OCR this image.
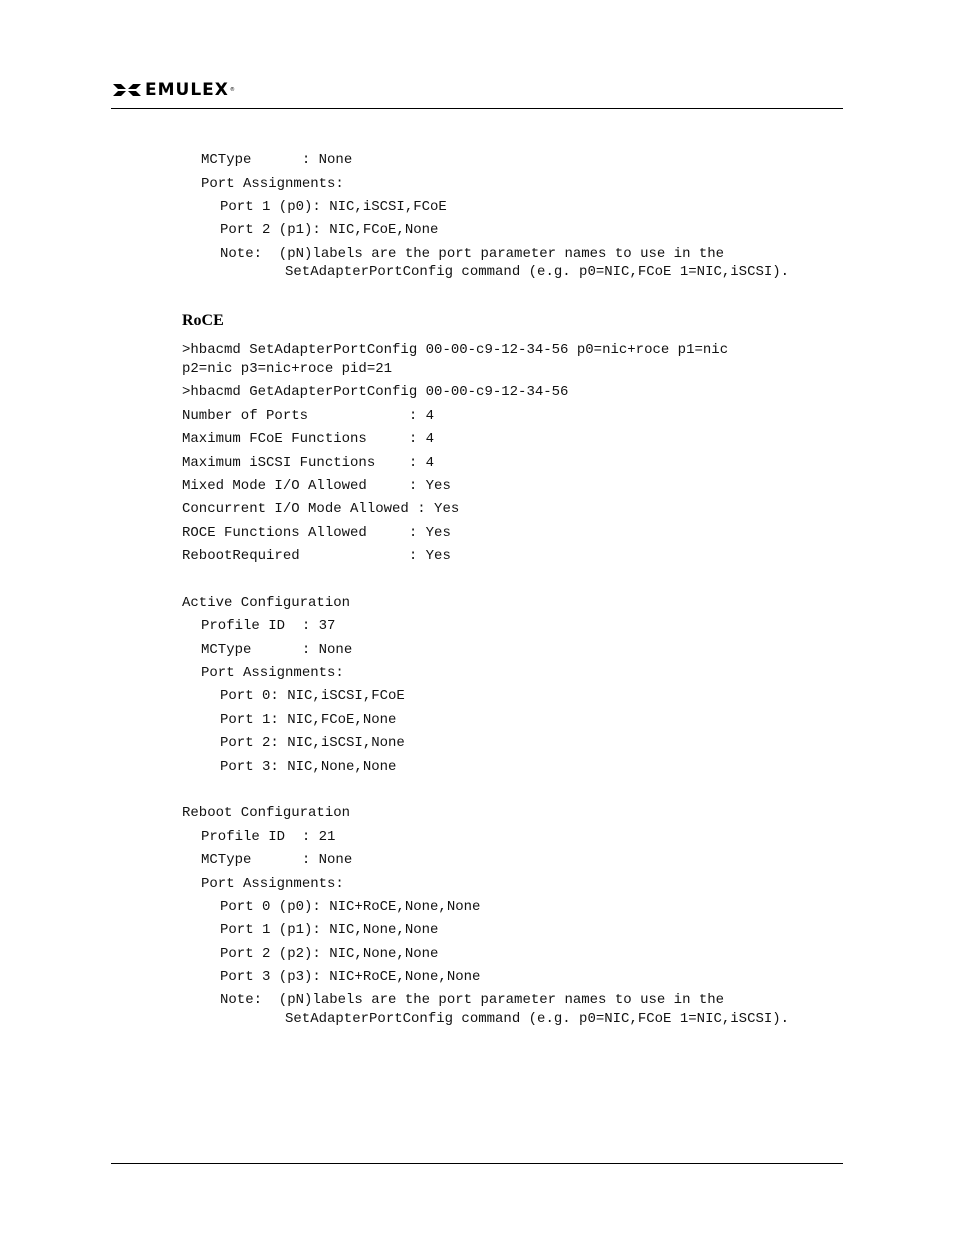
EMULEX ®
MCType      : None
Port Assignments:
Port 1 (p0): NIC,iSCSI,FCoE
Port 2 (p1): NIC,FCoE,None
Note:  (pN)labels are the port parameter names to use in the
SetAdapterPortConfig command (e.g. p0=NIC,FCoE 1=NIC,iSCSI).
RoCE
>hbacmd SetAdapterPortConfig 00-00-c9-12-34-56 p0=nic+roce p1=nic
p2=nic p3=nic+roce pid=21
>hbacmd GetAdapterPortConfig 00-00-c9-12-34-56
Number of Ports            : 4
Maximum FCoE Functions     : 4
Maximum iSCSI Functions    : 4
Mixed Mode I/O Allowed     : Yes
Concurrent I/O Mode Allowed : Yes
ROCE Functions Allowed     : Yes
RebootRequired             : Yes
Active Configuration
Profile ID  : 37
MCType      : None
Port Assignments:
Port 0: NIC,iSCSI,FCoE
Port 1: NIC,FCoE,None
Port 2: NIC,iSCSI,None
Port 3: NIC,None,None
Reboot Configuration
Profile ID  : 21
MCType      : None
Port Assignments:
Port 0 (p0): NIC+RoCE,None,None
Port 1 (p1): NIC,None,None
Port 2 (p2): NIC,None,None
Port 3 (p3): NIC+RoCE,None,None
Note:  (pN)labels are the port parameter names to use in the
SetAdapterPortConfig command (e.g. p0=NIC,FCoE 1=NIC,iSCSI).
